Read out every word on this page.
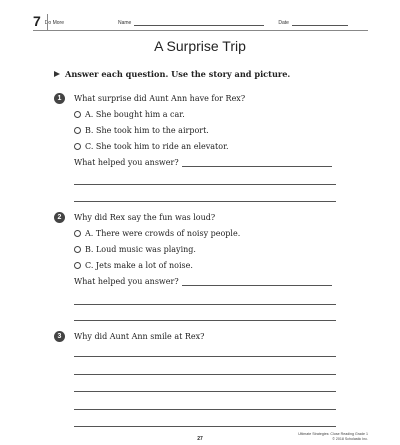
7 Do More	Name	Date
A Surprise Trip
Answer each question. Use the story and picture.
1	What surprise did Aunt Ann have for Rex?
A. She bought him a car.
B. She took him to the airport.
C. She took him to ride an elevator.
What helped you answer?
2	Why did Rex say the fun was loud?
A. There were crowds of noisy people.
B. Loud music was playing.
C. Jets make a lot of noise.
What helped you answer?
3	Why did Aunt Ann smile at Rex?
27
Ultimate Strategies: Close Reading Grade 1
© 2018 Scholastic Inc.
